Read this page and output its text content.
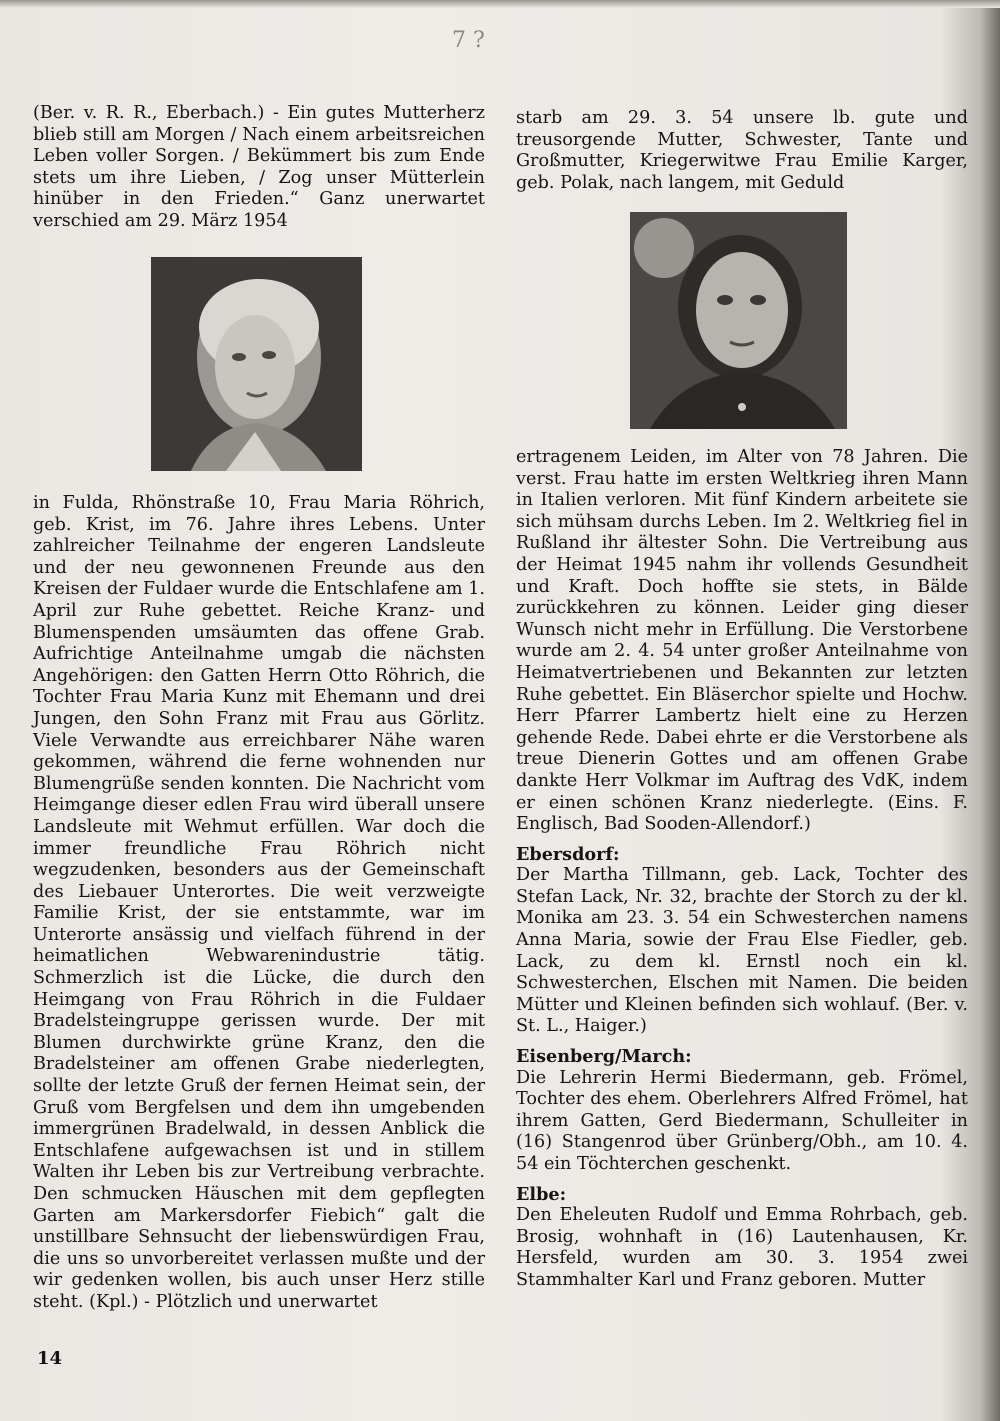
7 ?

(Ber. v. R. R., Eberbach.) - Ein gutes Mutterherz blieb still am Morgen / Nach einem arbeitsreichen Leben voller Sorgen. / Bekümmert bis zum Ende stets um ihre Lieben, / Zog unser Mütterlein hinüber in den Frieden.“ Ganz unerwartet verschied am 29. März 1954

in Fulda, Rhönstraße 10, Frau Maria Röhrich, geb. Krist, im 76. Jahre ihres Lebens. Unter zahlreicher Teilnahme der engeren Landsleute und der neu gewonnenen Freunde aus den Kreisen der Fuldaer wurde die Entschlafene am 1. April zur Ruhe gebettet. Reiche Kranz- und Blumenspenden umsäumten das offene Grab. Aufrichtige Anteilnahme umgab die nächsten Angehörigen: den Gatten Herrn Otto Röhrich, die Tochter Frau Maria Kunz mit Ehemann und drei Jungen, den Sohn Franz mit Frau aus Görlitz. Viele Verwandte aus erreichbarer Nähe waren gekommen, während die ferne wohnenden nur Blumengrüße senden konnten. Die Nachricht vom Heimgange dieser edlen Frau wird überall unsere Landsleute mit Wehmut erfüllen. War doch die immer freundliche Frau Röhrich nicht wegzudenken, besonders aus der Gemeinschaft des Liebauer Unterortes. Die weit verzweigte Familie Krist, der sie entstammte, war im Unterorte ansässig und vielfach führend in der heimatlichen Webwarenindustrie tätig. Schmerzlich ist die Lücke, die durch den Heimgang von Frau Röhrich in die Fuldaer Bradelsteingruppe gerissen wurde. Der mit Blumen durchwirkte grüne Kranz, den die Bradelsteiner am offenen Grabe niederlegten, sollte der letzte Gruß der fernen Heimat sein, der Gruß vom Bergfelsen und dem ihn umgebenden immergrünen Bradelwald, in dessen Anblick die Entschlafene aufgewachsen ist und in stillem Walten ihr Leben bis zur Vertreibung verbrachte. Den schmucken Häuschen mit dem gepflegten Garten am Markersdorfer Fiebich“ galt die unstillbare Sehnsucht der liebenswürdigen Frau, die uns so unvorbereitet verlassen mußte und der wir gedenken wollen, bis auch unser Herz stille steht. (Kpl.) - Plötzlich und unerwartet

starb am 29. 3. 54 unsere lb. gute und treusorgende Mutter, Schwester, Tante und Großmutter, Kriegerwitwe Frau Emilie Karger, geb. Polak, nach langem, mit Geduld

ertragenem Leiden, im Alter von 78 Jahren. Die verst. Frau hatte im ersten Weltkrieg ihren Mann in Italien verloren. Mit fünf Kindern arbeitete sie sich mühsam durchs Leben. Im 2. Weltkrieg fiel in Rußland ihr ältester Sohn. Die Vertreibung aus der Heimat 1945 nahm ihr vollends Gesundheit und Kraft. Doch hoffte sie stets, in Bälde zurückkehren zu können. Leider ging dieser Wunsch nicht mehr in Erfüllung. Die Verstorbene wurde am 2. 4. 54 unter großer Anteilnahme von Heimatvertriebenen und Bekannten zur letzten Ruhe gebettet. Ein Bläserchor spielte und Hochw. Herr Pfarrer Lambertz hielt eine zu Herzen gehende Rede. Dabei ehrte er die Verstorbene als treue Dienerin Gottes und am offenen Grabe dankte Herr Volkmar im Auftrag des VdK, indem er einen schönen Kranz niederlegte. (Eins. F. Englisch, Bad Sooden-Allendorf.)

Ebersdorf:

Der Martha Tillmann, geb. Lack, Tochter des Stefan Lack, Nr. 32, brachte der Storch zu der kl. Monika am 23. 3. 54 ein Schwesterchen namens Anna Maria, sowie der Frau Else Fiedler, geb. Lack, zu dem kl. Ernstl noch ein kl. Schwesterchen, Elschen mit Namen. Die beiden Mütter und Kleinen befinden sich wohlauf. (Ber. v. St. L., Haiger.)

Eisenberg/March:

Die Lehrerin Hermi Biedermann, geb. Frömel, Tochter des ehem. Oberlehrers Alfred Frömel, hat ihrem Gatten, Gerd Biedermann, Schulleiter in (16) Stangenrod über Grünberg/Obh., am 10. 4. 54 ein Töchterchen geschenkt.

Elbe:

Den Eheleuten Rudolf und Emma Rohrbach, geb. Brosig, wohnhaft in (16) Lautenhausen, Kr. Hersfeld, wurden am 30. 3. 1954 zwei Stammhalter Karl und Franz geboren. Mutter

14
